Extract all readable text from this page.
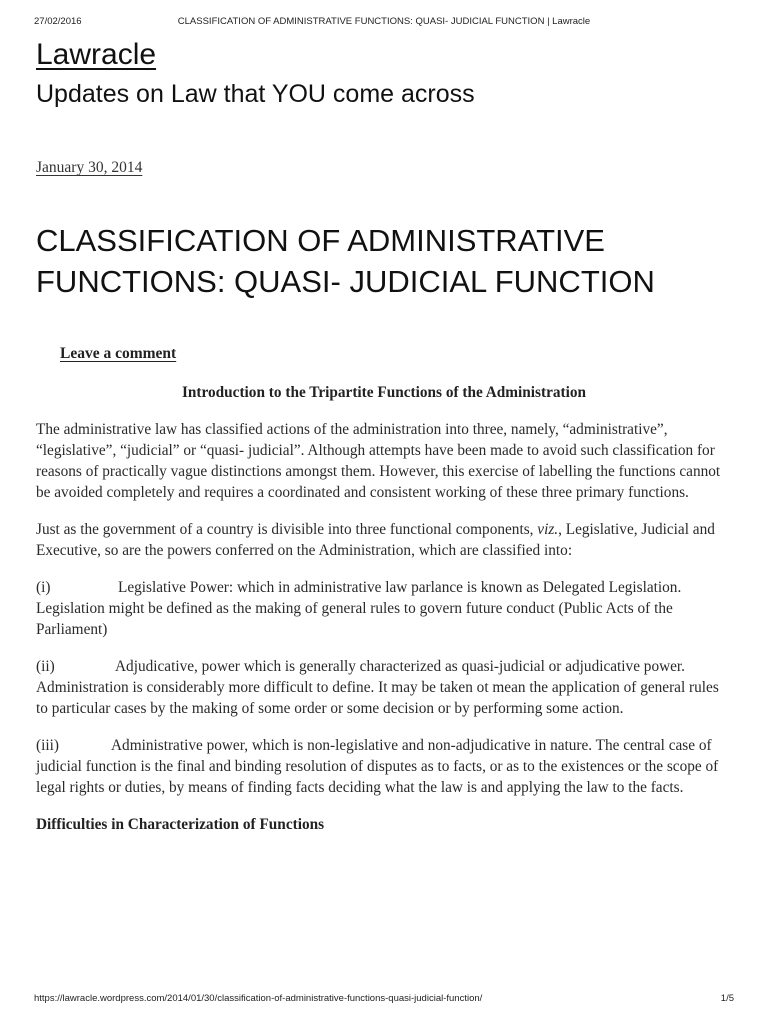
27/02/2016	CLASSIFICATION OF ADMINISTRATIVE FUNCTIONS: QUASI- JUDICIAL FUNCTION | Lawracle
Lawracle
Updates on Law that YOU come across
January 30, 2014
CLASSIFICATION OF ADMINISTRATIVE FUNCTIONS: QUASI- JUDICIAL FUNCTION
Leave a comment
Introduction to the Tripartite Functions of the Administration

The administrative law has classified actions of the administration into three, namely, “administrative”, “legislative”, “judicial” or “quasi- judicial”. Although attempts have been made to avoid such classification for reasons of practically vague distinctions amongst them. However, this exercise of labelling the functions cannot be avoided completely and requires a coordinated and consistent working of these three primary functions.

Just as the government of a country is divisible into three functional components, viz., Legislative, Judicial and Executive, so are the powers conferred on the Administration, which are classified into:

(i)	Legislative Power: which in administrative law parlance is known as Delegated Legislation. Legislation might be defined as the making of general rules to govern future conduct (Public Acts of the Parliament)

(ii)	Adjudicative, power which is generally characterized as quasi-judicial or adjudicative power. Administration is considerably more difficult to define. It may be taken ot mean the application of general rules to particular cases by the making of some order or some decision or by performing some action.

(iii)	Administrative power, which is non-legislative and non-adjudicative in nature. The central case of judicial function is the final and binding resolution of disputes as to facts, or as to the existences or the scope of legal rights or duties, by means of finding facts deciding what the law is and applying the law to the facts.

Difficulties in Characterization of Functions
https://lawracle.wordpress.com/2014/01/30/classification-of-administrative-functions-quasi-judicial-function/	1/5
